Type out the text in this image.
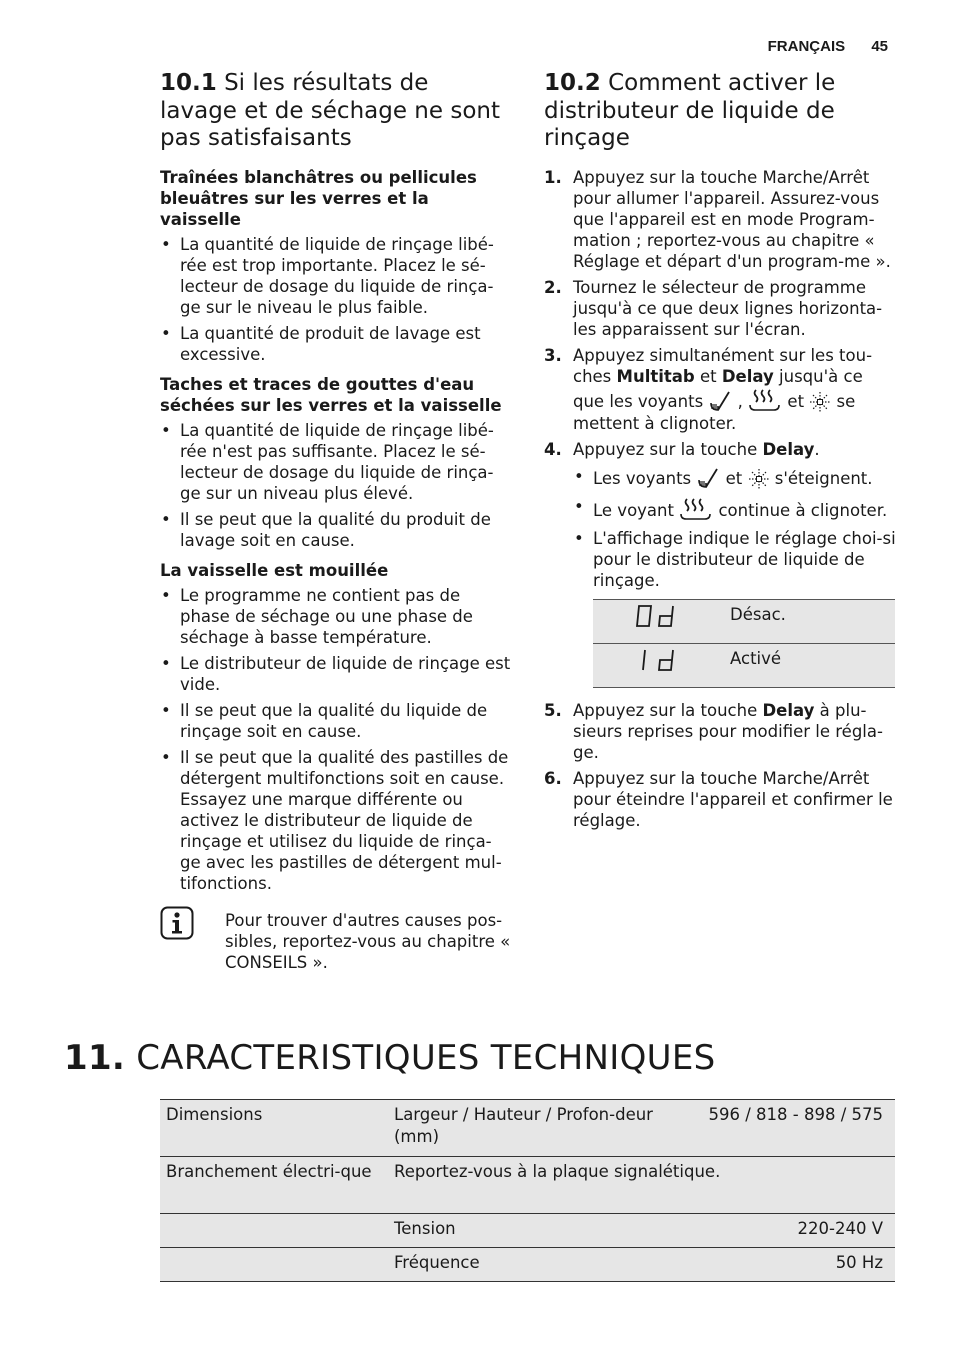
FRANÇAIS 45
10.1 Si les résultats de lavage et de séchage ne sont pas satisfaisants
Traînées blanchâtres ou pellicules bleuâtres sur les verres et la vaisselle
• La quantité de liquide de rinçage libé-rée est trop importante. Placez le sé-lecteur de dosage du liquide de rinça-ge sur le niveau le plus faible.
• La quantité de produit de lavage est excessive.
Taches et traces de gouttes d'eau séchées sur les verres et la vaisselle
• La quantité de liquide de rinçage libé-rée n'est pas suffisante. Placez le sé-lecteur de dosage du liquide de rinça-ge sur un niveau plus élevé.
• Il se peut que la qualité du produit de lavage soit en cause.
La vaisselle est mouillée
• Le programme ne contient pas de phase de séchage ou une phase de séchage à basse température.
• Le distributeur de liquide de rinçage est vide.
• Il se peut que la qualité du liquide de rinçage soit en cause.
• Il se peut que la qualité des pastilles de détergent multifonctions soit en cause. Essayez une marque différente ou activez le distributeur de liquide de rinçage et utilisez du liquide de rinça-ge avec les pastilles de détergent mul-tifonctions.
Pour trouver d'autres causes pos-sibles, reportez-vous au chapitre « CONSEILS ».
10.2 Comment activer le distributeur de liquide de rinçage
1. Appuyez sur la touche Marche/Arrêt pour allumer l'appareil. Assurez-vous que l'appareil est en mode Program-mation ; reportez-vous au chapitre « Réglage et départ d'un program-me ».
2. Tournez le sélecteur de programme jusqu'à ce que deux lignes horizonta-les apparaissent sur l'écran.
3. Appuyez simultanément sur les tou-ches Multitab et Delay jusqu'à ce que les voyants  ,  et  se mettent à clignoter.
4. Appuyez sur la touche Delay.
• Les voyants  et  s'éteignent.
• Le voyant  continue à clignoter.
• L'affichage indique le réglage choi-si pour le distributeur de liquide de rinçage.
	Désac.
	Activé
5. Appuyez sur la touche Delay à plu-sieurs reprises pour modifier le régla-ge.
6. Appuyez sur la touche Marche/Arrêt pour éteindre l'appareil et confirmer le réglage.
11. CARACTERISTIQUES TECHNIQUES
Dimensions	Largeur / Hauteur / Profon-deur (mm)	596 / 818 - 898 / 575
Branchement électri-que	Reportez-vous à la plaque signalétique.	
	Tension	220-240 V
	Fréquence	50 Hz
